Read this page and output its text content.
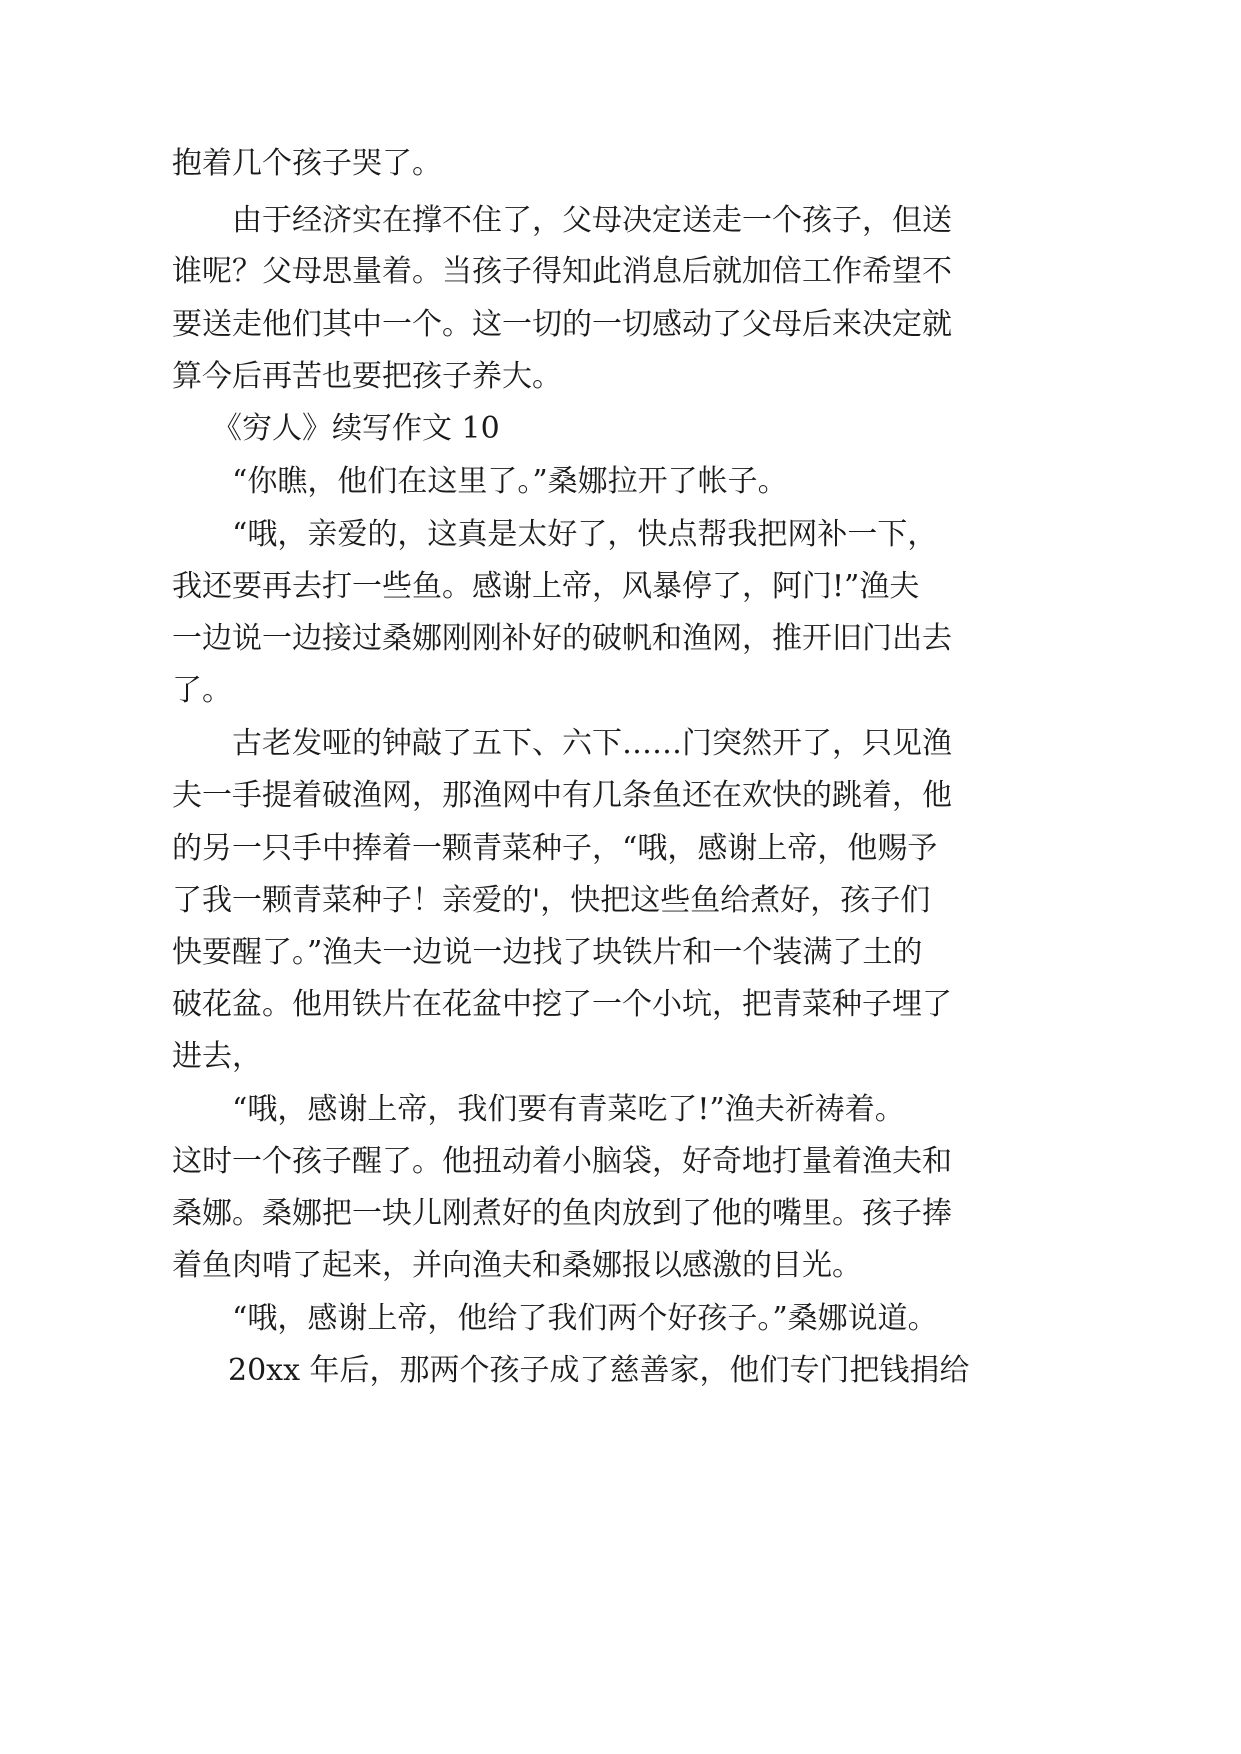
抱着几个孩子哭了。
由于经济实在撑不住了，父母决定送走一个孩子，但送
谁呢？父母思量着。当孩子得知此消息后就加倍工作希望不
要送走他们其中一个。这一切的一切感动了父母后来决定就
算今后再苦也要把孩子养大。
《穷人》续写作文 10
“你瞧，他们在这里了。”桑娜拉开了帐子。
“哦，亲爱的，这真是太好了，快点帮我把网补一下，
我还要再去打一些鱼。感谢上帝，风暴停了，阿门!”渔夫
一边说一边接过桑娜刚刚补好的破帆和渔网，推开旧门出去
了。
古老发哑的钟敲了五下、六下……门突然开了，只见渔
夫一手提着破渔网，那渔网中有几条鱼还在欢快的跳着，他
的另一只手中捧着一颗青菜种子，“哦，感谢上帝，他赐予
了我一颗青菜种子！亲爱的'，快把这些鱼给煮好，孩子们
快要醒了。”渔夫一边说一边找了块铁片和一个装满了土的
破花盆。他用铁片在花盆中挖了一个小坑，把青菜种子埋了
进去，
“哦，感谢上帝，我们要有青菜吃了!”渔夫祈祷着。
这时一个孩子醒了。他扭动着小脑袋，好奇地打量着渔夫和
桑娜。桑娜把一块儿刚煮好的鱼肉放到了他的嘴里。孩子捧
着鱼肉啃了起来，并向渔夫和桑娜报以感激的目光。
“哦，感谢上帝，他给了我们两个好孩子。”桑娜说道。
20xx 年后，那两个孩子成了慈善家，他们专门把钱捐给
